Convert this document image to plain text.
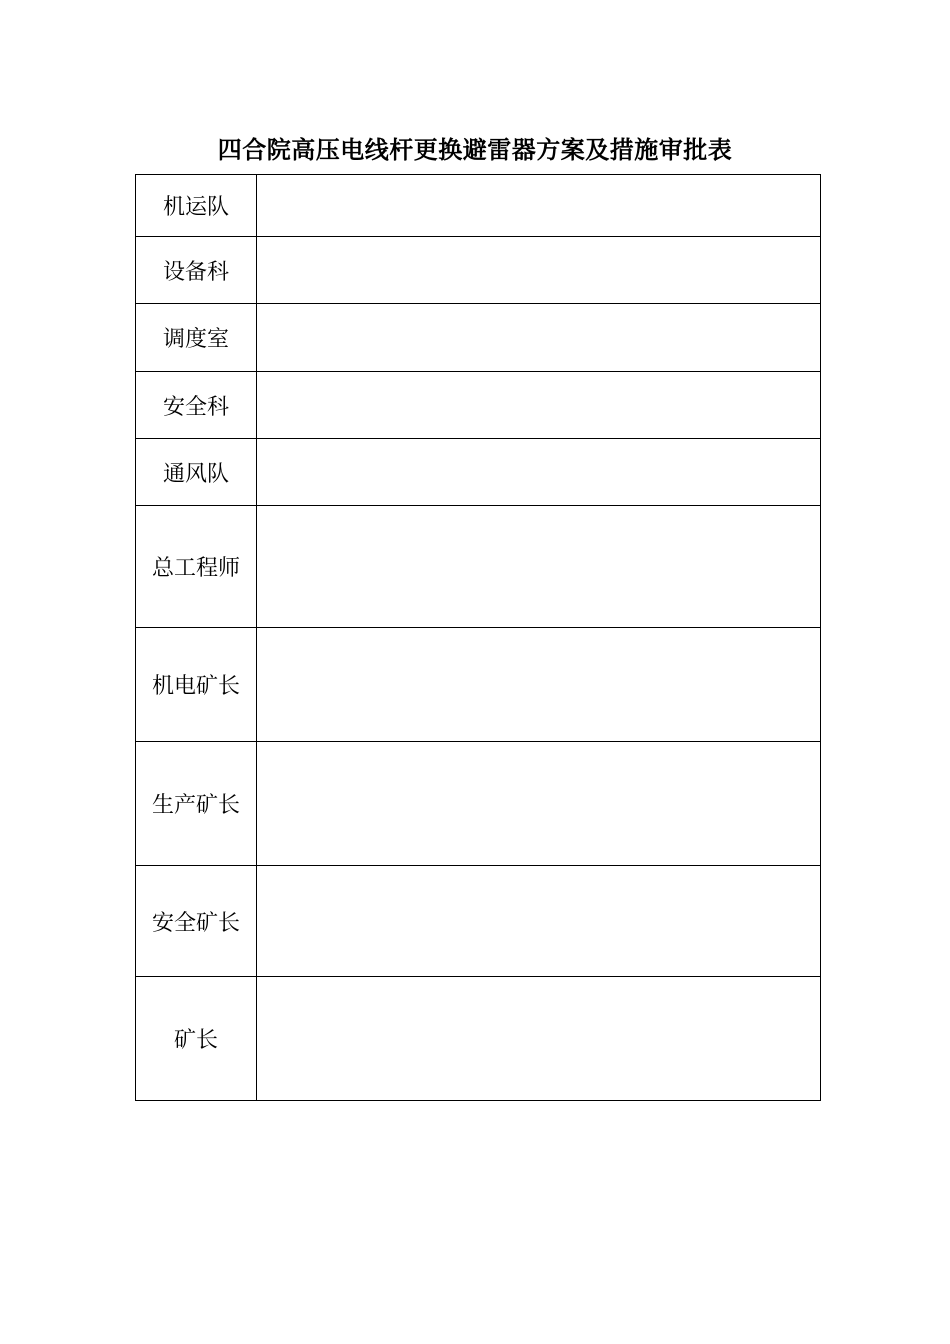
四合院高压电线杆更换避雷器方案及措施审批表
机运队	
设备科	
调度室	
安全科	
通风队	
总工程师	
机电矿长	
生产矿长	
安全矿长	
矿长	
